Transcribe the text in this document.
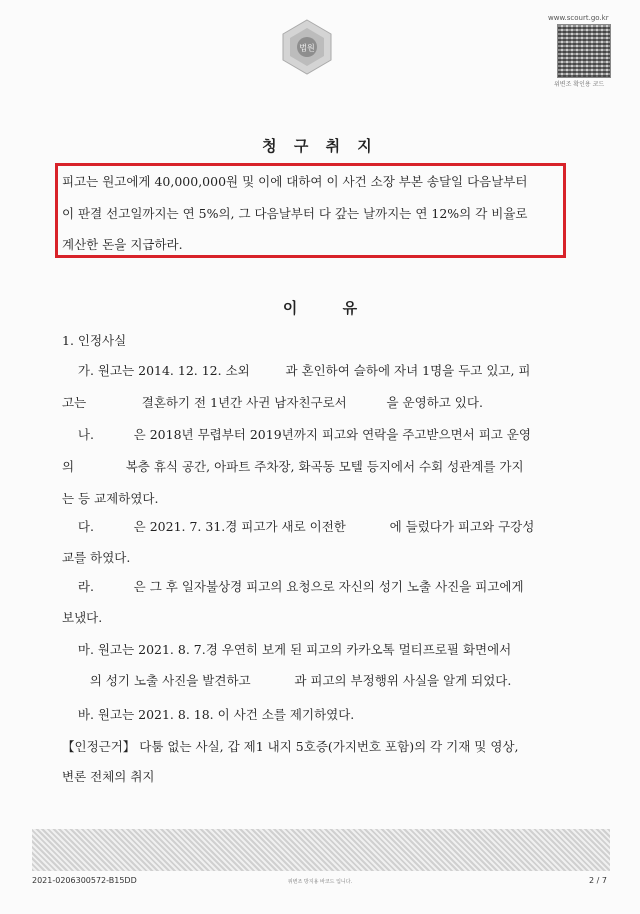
법원
www.scourt.go.kr
위변조 확인용 코드
청 구 취 지
피고는 원고에게 40,000,000원 및 이에 대하여 이 사건 소장 부본 송달일 다음날부터
이 판결 선고일까지는 연 5%의, 그 다음날부터 다 갚는 날까지는 연 12%의 각 비율로
계산한 돈을 지급하라.
이 유
1. 인정사실
가. 원고는 2014. 12. 12. 소외         과 혼인하여 슬하에 자녀 1명을 두고 있고, 피
고는              결혼하기 전 1년간 사귄 남자친구로서          을 운영하고 있다.
나.          은 2018년 무렵부터 2019년까지 피고와 연락을 주고받으면서 피고 운영
의             복층 휴식 공간, 아파트 주차장, 화곡동 모텔 등지에서 수회 성관계를 가지
는 등 교제하였다.
다.          은 2021. 7. 31.경 피고가 새로 이전한           에 들렀다가 피고와 구강성
교를 하였다.
라.          은 그 후 일자불상경 피고의 요청으로 자신의 성기 노출 사진을 피고에게
보냈다.
마. 원고는 2021. 8. 7.경 우연히 보게 된 피고의 카카오톡 멀티프로필 화면에서
의 성기 노출 사진을 발견하고           과 피고의 부정행위 사실을 알게 되었다.
바. 원고는 2021. 8. 18. 이 사건 소를 제기하였다.
【인정근거】 다툼 없는 사실, 갑 제1 내지 5호증(가지번호 포함)의 각 기재 및 영상,
변론 전체의 취지
2021-0206300572-B15DD	위변조 방지용 바코드 입니다.	2 / 7
